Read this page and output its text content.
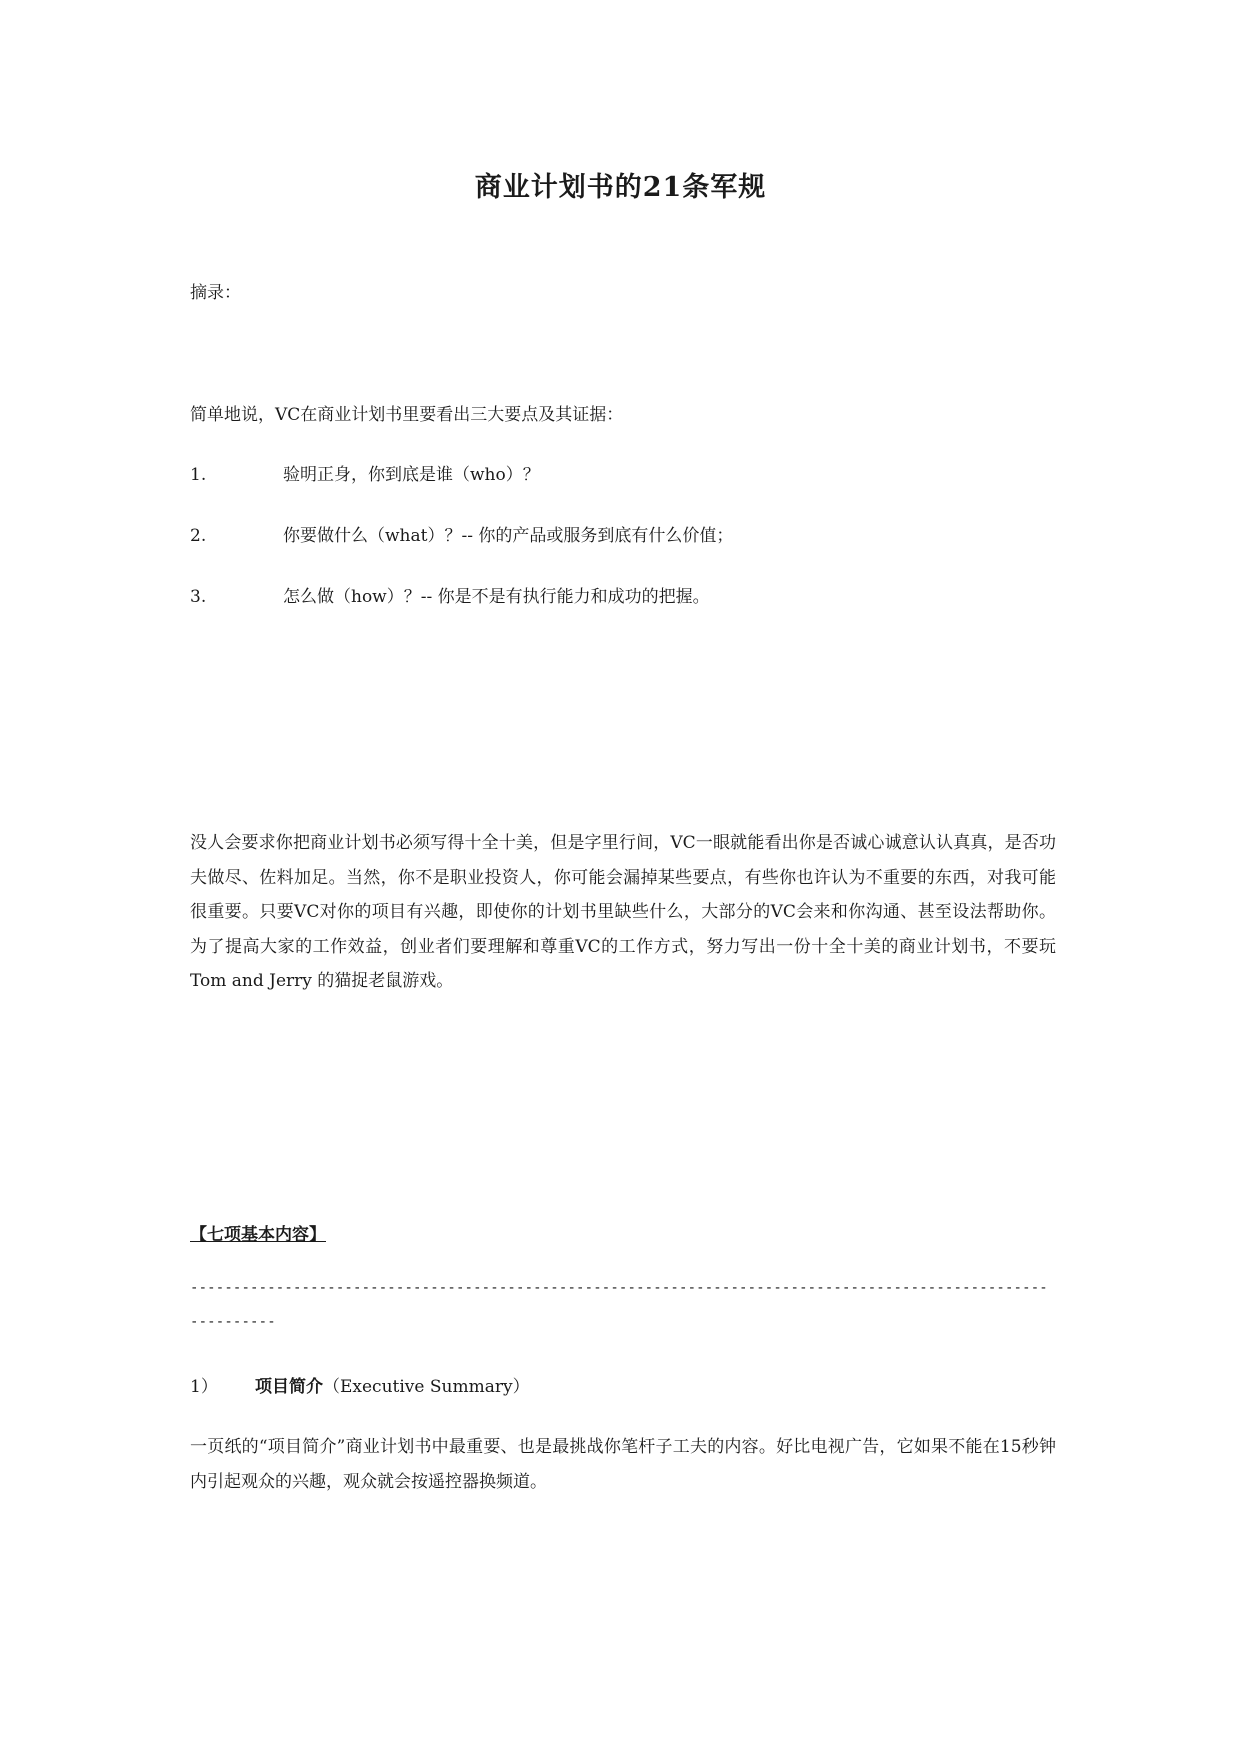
商业计划书的21条军规

摘录：

简单地说，VC在商业计划书里要看出三大要点及其证据：

1.	验明正身，你到底是谁（who）？

2.	你要做什么（what）？-- 你的产品或服务到底有什么价值；

3.	怎么做（how）？-- 你是不是有执行能力和成功的把握。

没人会要求你把商业计划书必须写得十全十美，但是字里行间，VC一眼就能看出你是否诚心诚意认认真真，是否功夫做尽、佐料加足。当然，你不是职业投资人，你可能会漏掉某些要点，有些你也许认为不重要的东西，对我可能很重要。只要VC对你的项目有兴趣，即使你的计划书里缺些什么，大部分的VC会来和你沟通、甚至设法帮助你。为了提高大家的工作效益，创业者们要理解和尊重VC的工作方式，努力写出一份十全十美的商业计划书，不要玩Tom and Jerry 的猫捉老鼠游戏。

【七项基本内容】

--------------------------------------------------------------------------------------------------------------

1） 项目简介（Executive Summary）

一页纸的“项目简介”商业计划书中最重要、也是最挑战你笔杆子工夫的内容。好比电视广告，它如果不能在15秒钟内引起观众的兴趣，观众就会按遥控器换频道。
